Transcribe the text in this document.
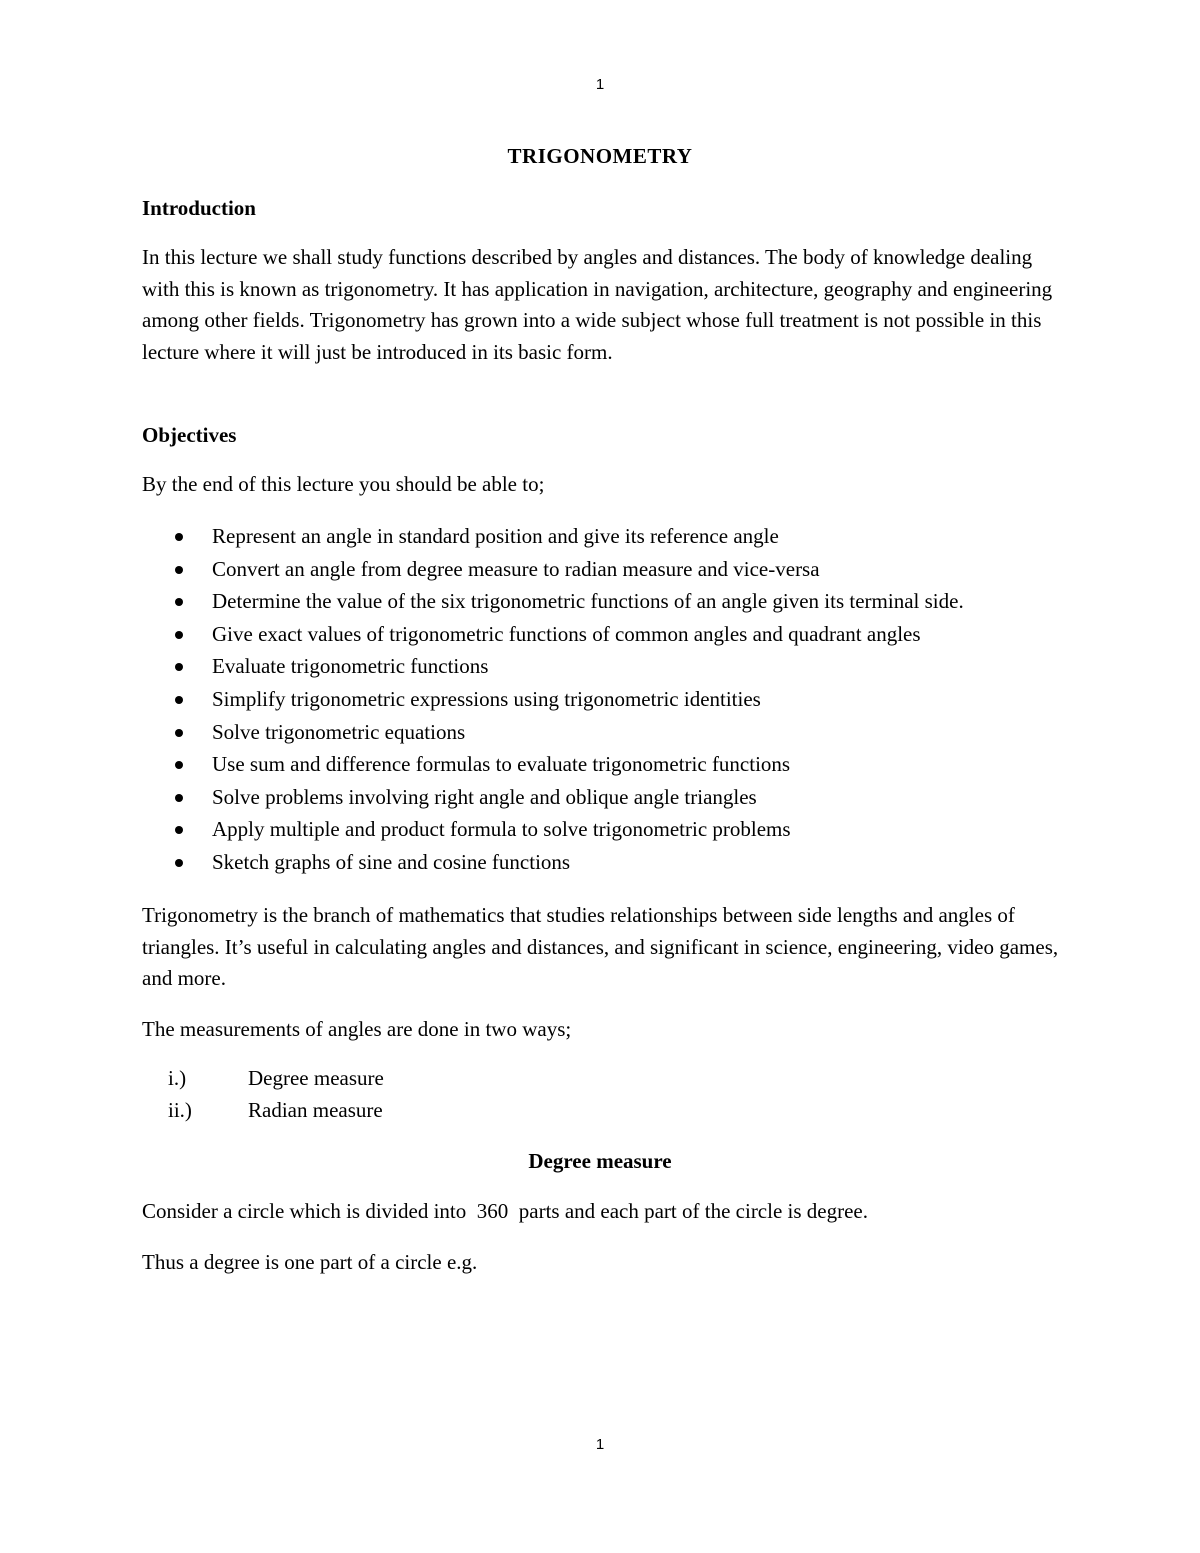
1
TRIGONOMETRY
Introduction

In this lecture we shall study functions described by angles and distances. The body of knowledge dealing with this is known as trigonometry. It has application in navigation, architecture, geography and engineering among other fields. Trigonometry has grown into a wide subject whose full treatment is not possible in this lecture where it will just be introduced in its basic form.

Objectives
By the end of this lecture you should be able to;
Represent an angle in standard position and give its reference angle
Convert an angle from degree measure to radian measure and vice-versa
Determine the value of the six trigonometric functions of an angle given its terminal side.
Give exact values of trigonometric functions of common angles and quadrant angles
Evaluate trigonometric functions
Simplify trigonometric expressions using trigonometric identities
Solve trigonometric equations
Use sum and difference formulas to evaluate trigonometric functions
Solve problems involving right angle and oblique angle triangles
Apply multiple and product formula to solve trigonometric problems
Sketch graphs of sine and cosine functions

Trigonometry is the branch of mathematics that studies relationships between side lengths and angles of triangles. It’s useful in calculating angles and distances, and significant in science, engineering, video games, and more.

The measurements of angles are done in two ways;
i.)	Degree measure
ii.)	Radian measure
Degree measure
Consider a circle which is divided into  360  parts and each part of the circle is degree.
Thus a degree is one part of a circle e.g.
1
